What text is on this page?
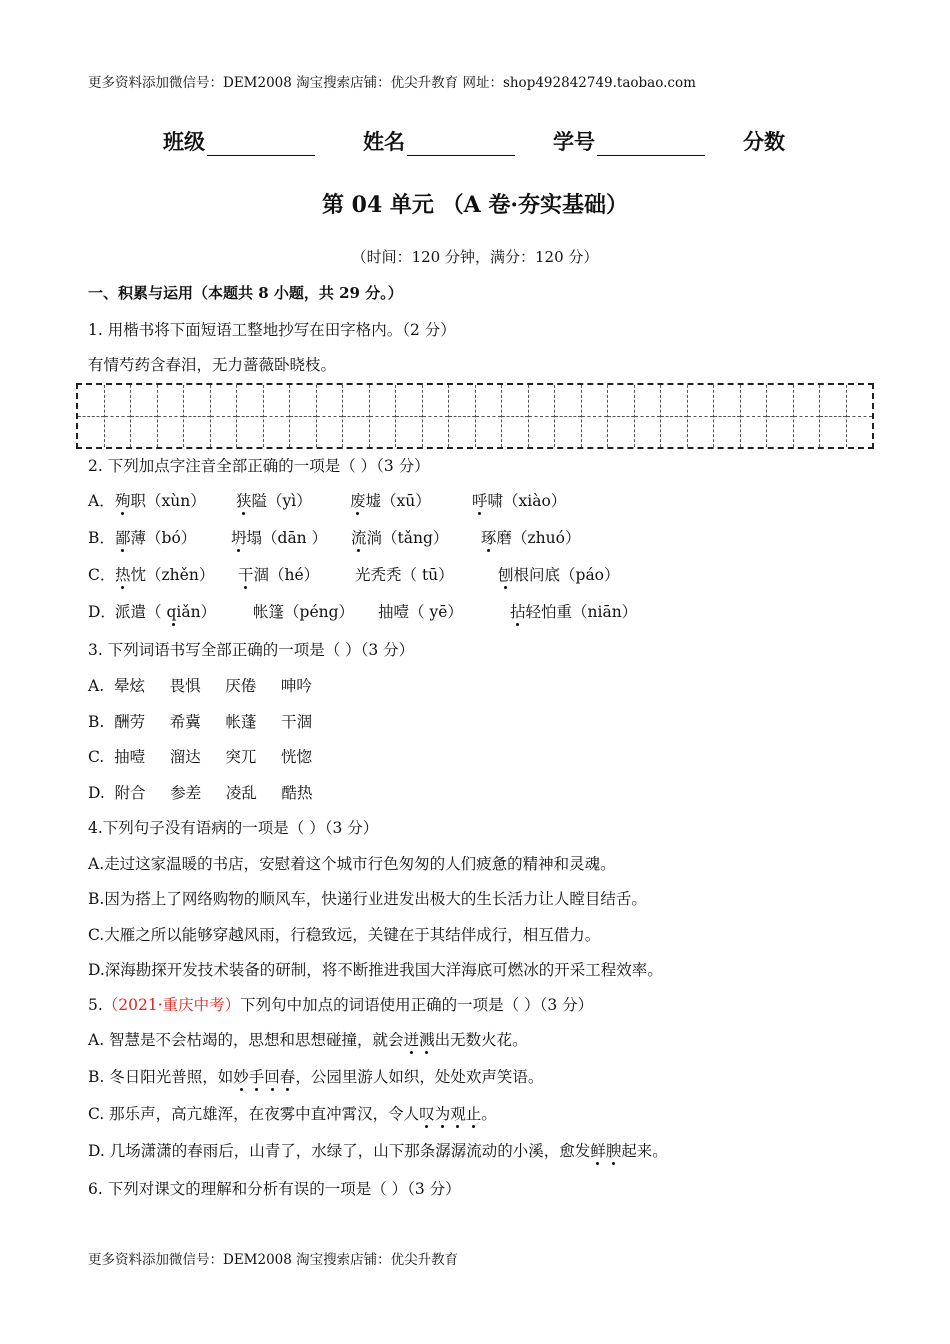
更多资料添加微信号：DEM2008 淘宝搜索店铺：优尖升教育 网址：shop492842749.taobao.com
班级	姓名	学号	分数
第 04 单元 （A 卷·夯实基础）
（时间：120 分钟，满分：120 分）
一、积累与运用（本题共 8 小题，共 29 分。）
1. 用楷书将下面短语工整地抄写在田字格内。（2 分）
有情芍药含春泪，无力蔷薇卧晓枝。
2. 下列加点字注音全部正确的一项是（ ）（3 分）
A． 殉职（xùn） 狭隘（yì） 废墟（xū）	呼啸（xiào）
B． 鄙薄（bó） 坍塌（dān ） 流淌（tǎng） 琢磨（zhuó）
C． 热忱（zhěn） 干涸（hé） 光秃秃（ tū）	刨根问底（páo）
D． 派遣（ qiǎn） 帐篷（péng） 抽噎（ yē）	拈轻怕重（niān）
3. 下列词语书写全部正确的一项是（ ）（3 分）
A.  晕炫     畏惧     厌倦     呻吟
B.  酬劳     希冀     帐蓬     干涸
C.  抽噎     溜达     突兀     恍惚
D.  附合     参差     凌乱     酷热
4.下列句子没有语病的一项是（ ）（3 分）
A.走过这家温暖的书店，安慰着这个城市行色匆匆的人们疲惫的精神和灵魂。
B.因为搭上了网络购物的顺风车，快递行业进发出极大的生长活力让人瞠目结舌。
C.大雁之所以能够穿越风雨，行稳致远，关键在于其结伴成行，相互借力。
D.深海勘探开发技术装备的研制，将不断推进我国大洋海底可燃冰的开采工程效率。
5.（2021·重庆中考）下列句中加点的词语使用正确的一项是（ ）（3 分）
A. 智慧是不会枯竭的，思想和思想碰撞，就会迸溅出无数火花。
B. 冬日阳光普照，如妙手回春，公园里游人如织，处处欢声笑语。
C. 那乐声，高亢雄浑，在夜雾中直冲霄汉，令人叹为观止。
D. 几场潇潇的春雨后，山青了，水绿了，山下那条潺潺流动的小溪，愈发鲜腴起来。
6. 下列对课文的理解和分析有误的一项是（ ）（3 分）
更多资料添加微信号：DEM2008 淘宝搜索店铺：优尖升教育
